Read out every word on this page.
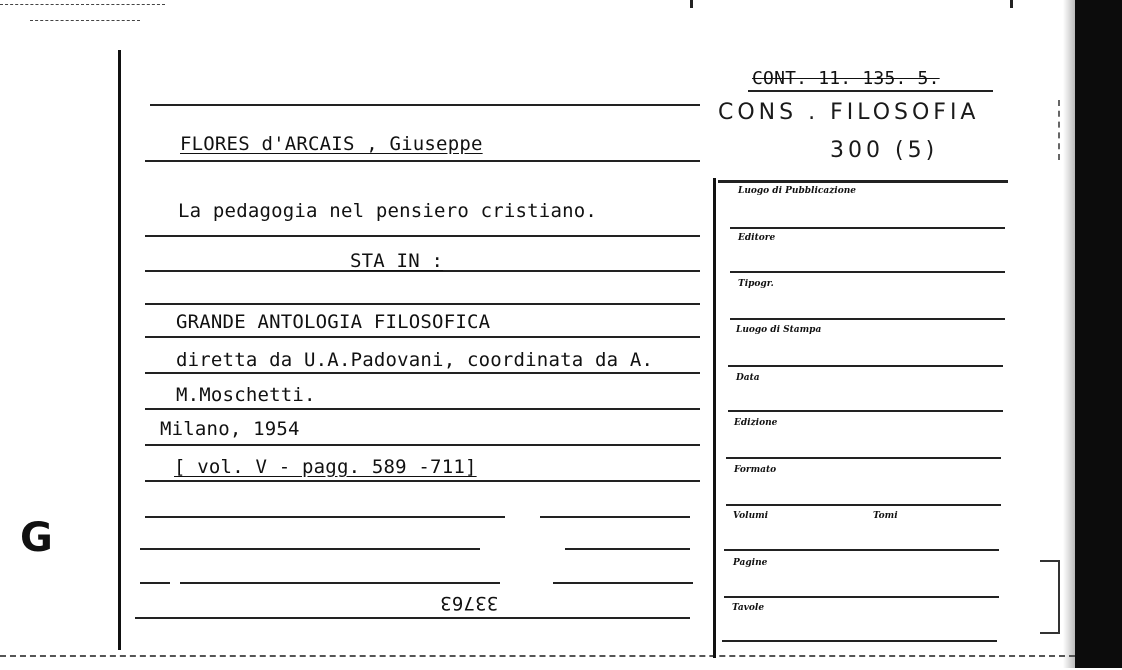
G
FLORES d'ARCAIS , Giuseppe
La pedagogia nel pensiero cristiano.
STA IN :
GRANDE ANTOLOGIA FILOSOFICA
diretta da U.A.Padovani, coordinata da A.
M.Moschetti.
Milano, 1954
[ vol. V - pagg. 589 -711]
33763
CONT. 11. 135. 5.
CONS . FILOSOFIA
300 (5)
Luogo di Pubblicazione
Editore
Tipogr.
Luogo di Stampa
Data
Edizione
Formato
Volumi	Tomi
Pagine
Tavole
